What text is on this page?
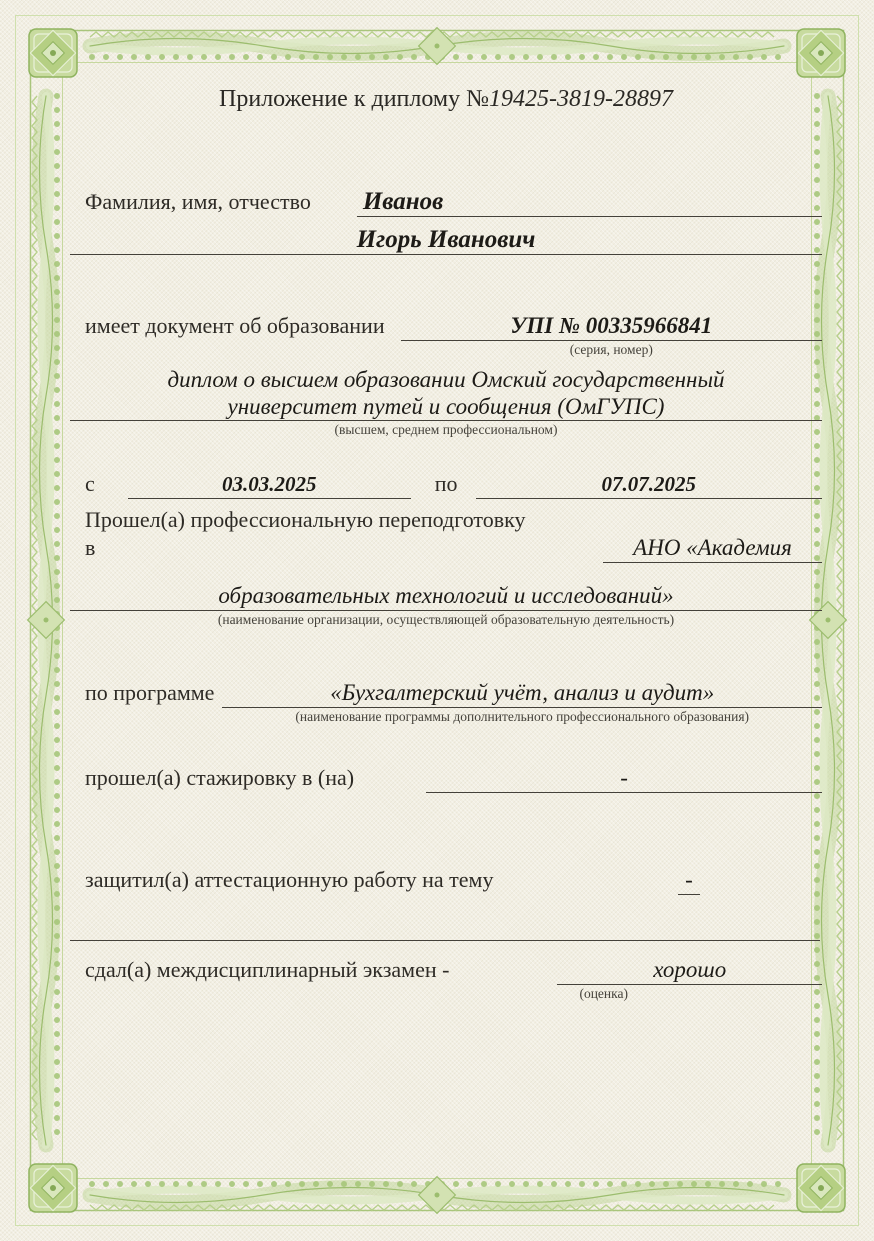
Приложение к диплому №19425-3819-28897
Фамилия, имя, отчество Иванов
Игорь Иванович
имеет документ об образовании	УПI № 00335966841
(серия, номер)
диплом о высшем образовании Омский государственный
университет путей и сообщения (ОмГУПС)
(высшем, среднем профессиональном)
с	03.03.2025	по	07.07.2025
Прошел(а) профессиональную переподготовку
в	АНО «Академия
образовательных технологий и исследований»
(наименование организации, осуществляющей образовательную деятельность)
по программе	«Бухгалтерский учёт, анализ и аудит»
(наименование программы дополнительного профессионального образования)
прошел(а) стажировку в (на)	-
защитил(а) аттестационную работу на тему	-
сдал(а) междисциплинарный экзамен -	хорошо
(оценка)
